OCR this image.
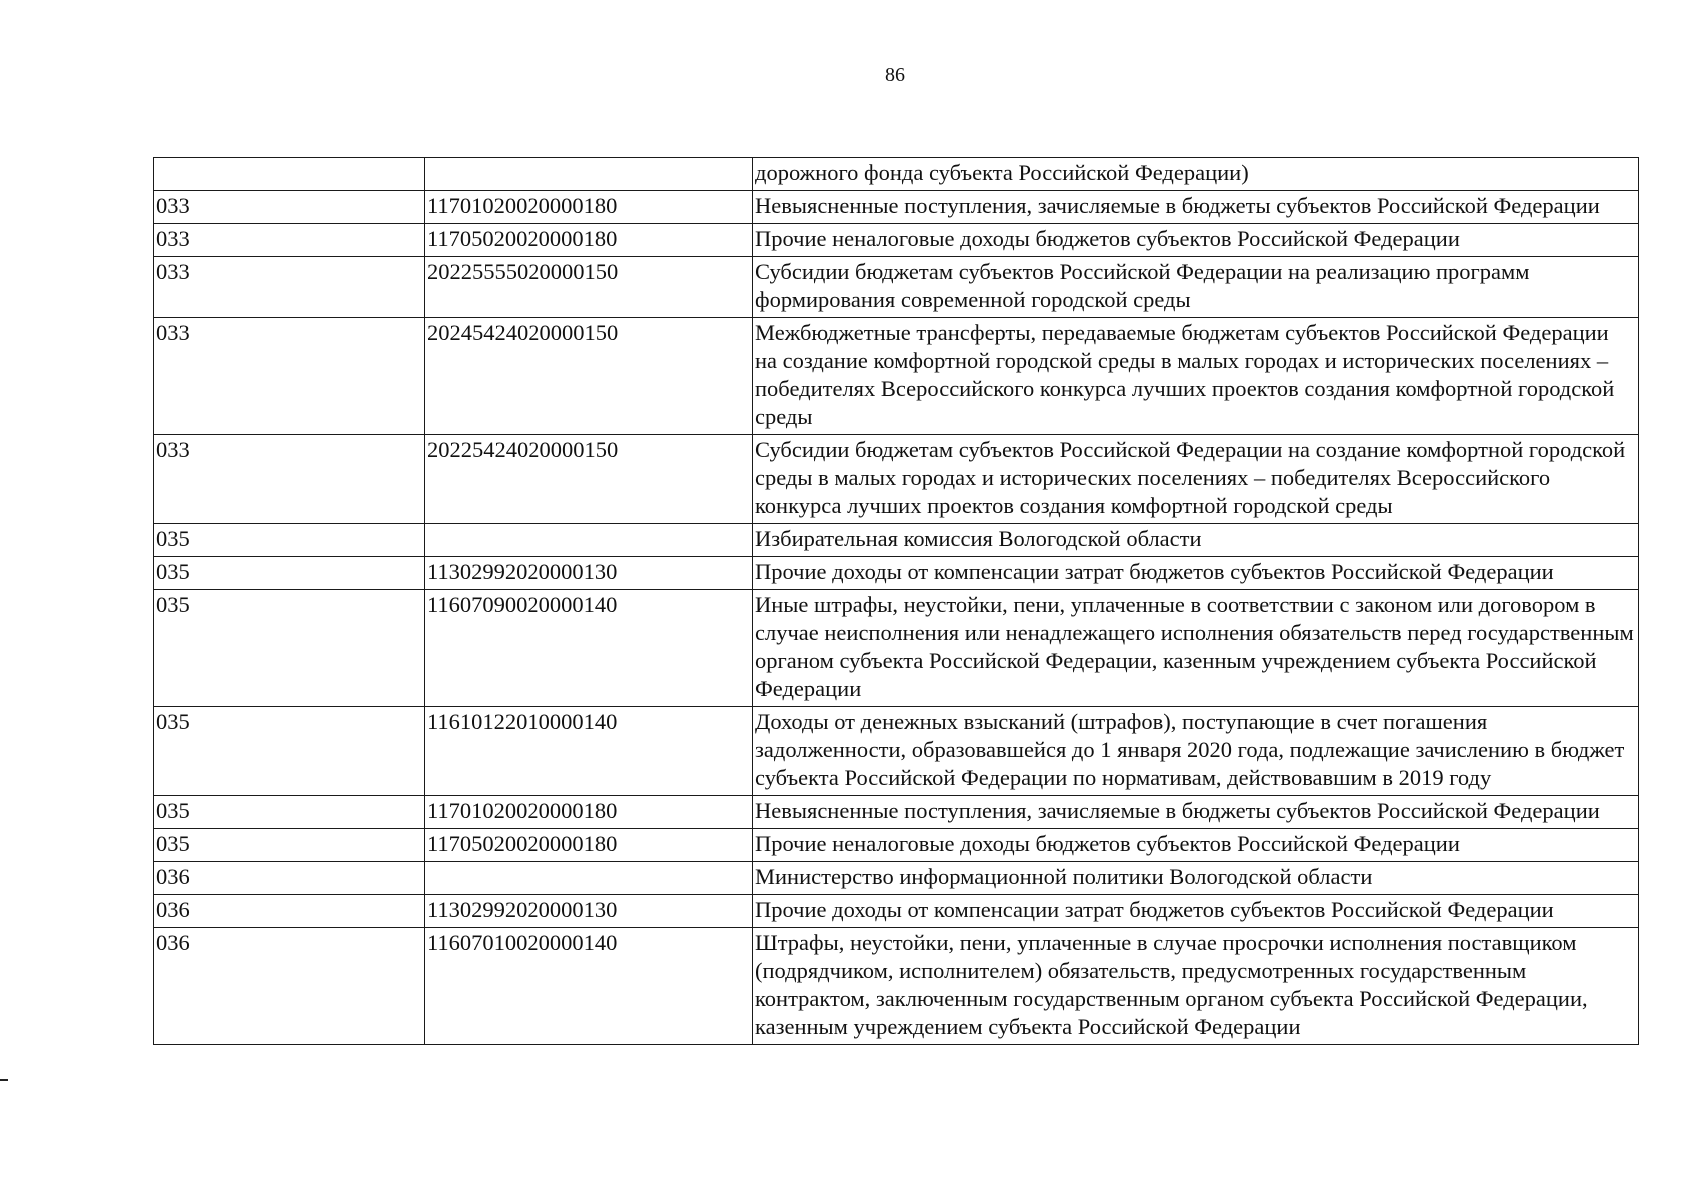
86
		дорожного фонда субъекта Российской Федерации)
033	11701020020000180	Невыясненные поступления, зачисляемые в бюджеты субъектов Российской Федерации
033	11705020020000180	Прочие неналоговые доходы бюджетов субъектов Российской Федерации
033	20225555020000150	Субсидии бюджетам субъектов Российской Федерации на реализацию программ формирования современной городской среды
033	20245424020000150	Межбюджетные трансферты, передаваемые бюджетам субъектов Российской Федерации на создание комфортной городской среды в малых городах и исторических поселениях – победителях Всероссийского конкурса лучших проектов создания комфортной городской среды
033	20225424020000150	Субсидии бюджетам субъектов Российской Федерации на создание комфортной городской среды в малых городах и исторических поселениях – победителях Всероссийского конкурса лучших проектов создания комфортной городской среды
035		Избирательная комиссия Вологодской области
035	11302992020000130	Прочие доходы от компенсации затрат бюджетов субъектов Российской Федерации
035	11607090020000140	Иные штрафы, неустойки, пени, уплаченные в соответствии с законом или договором в случае неисполнения или ненадлежащего исполнения обязательств перед государственным органом субъекта Российской Федерации, казенным учреждением субъекта Российской Федерации
035	11610122010000140	Доходы от денежных взысканий (штрафов), поступающие в счет погашения задолженности, образовавшейся до 1 января 2020 года, подлежащие зачислению в бюджет субъекта Российской Федерации по нормативам, действовавшим в 2019 году
035	11701020020000180	Невыясненные поступления, зачисляемые в бюджеты субъектов Российской Федерации
035	11705020020000180	Прочие неналоговые доходы бюджетов субъектов Российской Федерации
036		Министерство информационной политики Вологодской области
036	11302992020000130	Прочие доходы от компенсации затрат бюджетов субъектов Российской Федерации
036	11607010020000140	Штрафы, неустойки, пени, уплаченные в случае просрочки исполнения поставщиком (подрядчиком, исполнителем) обязательств, предусмотренных государственным контрактом, заключенным государственным органом субъекта Российской Федерации, казенным учреждением субъекта Российской Федерации
